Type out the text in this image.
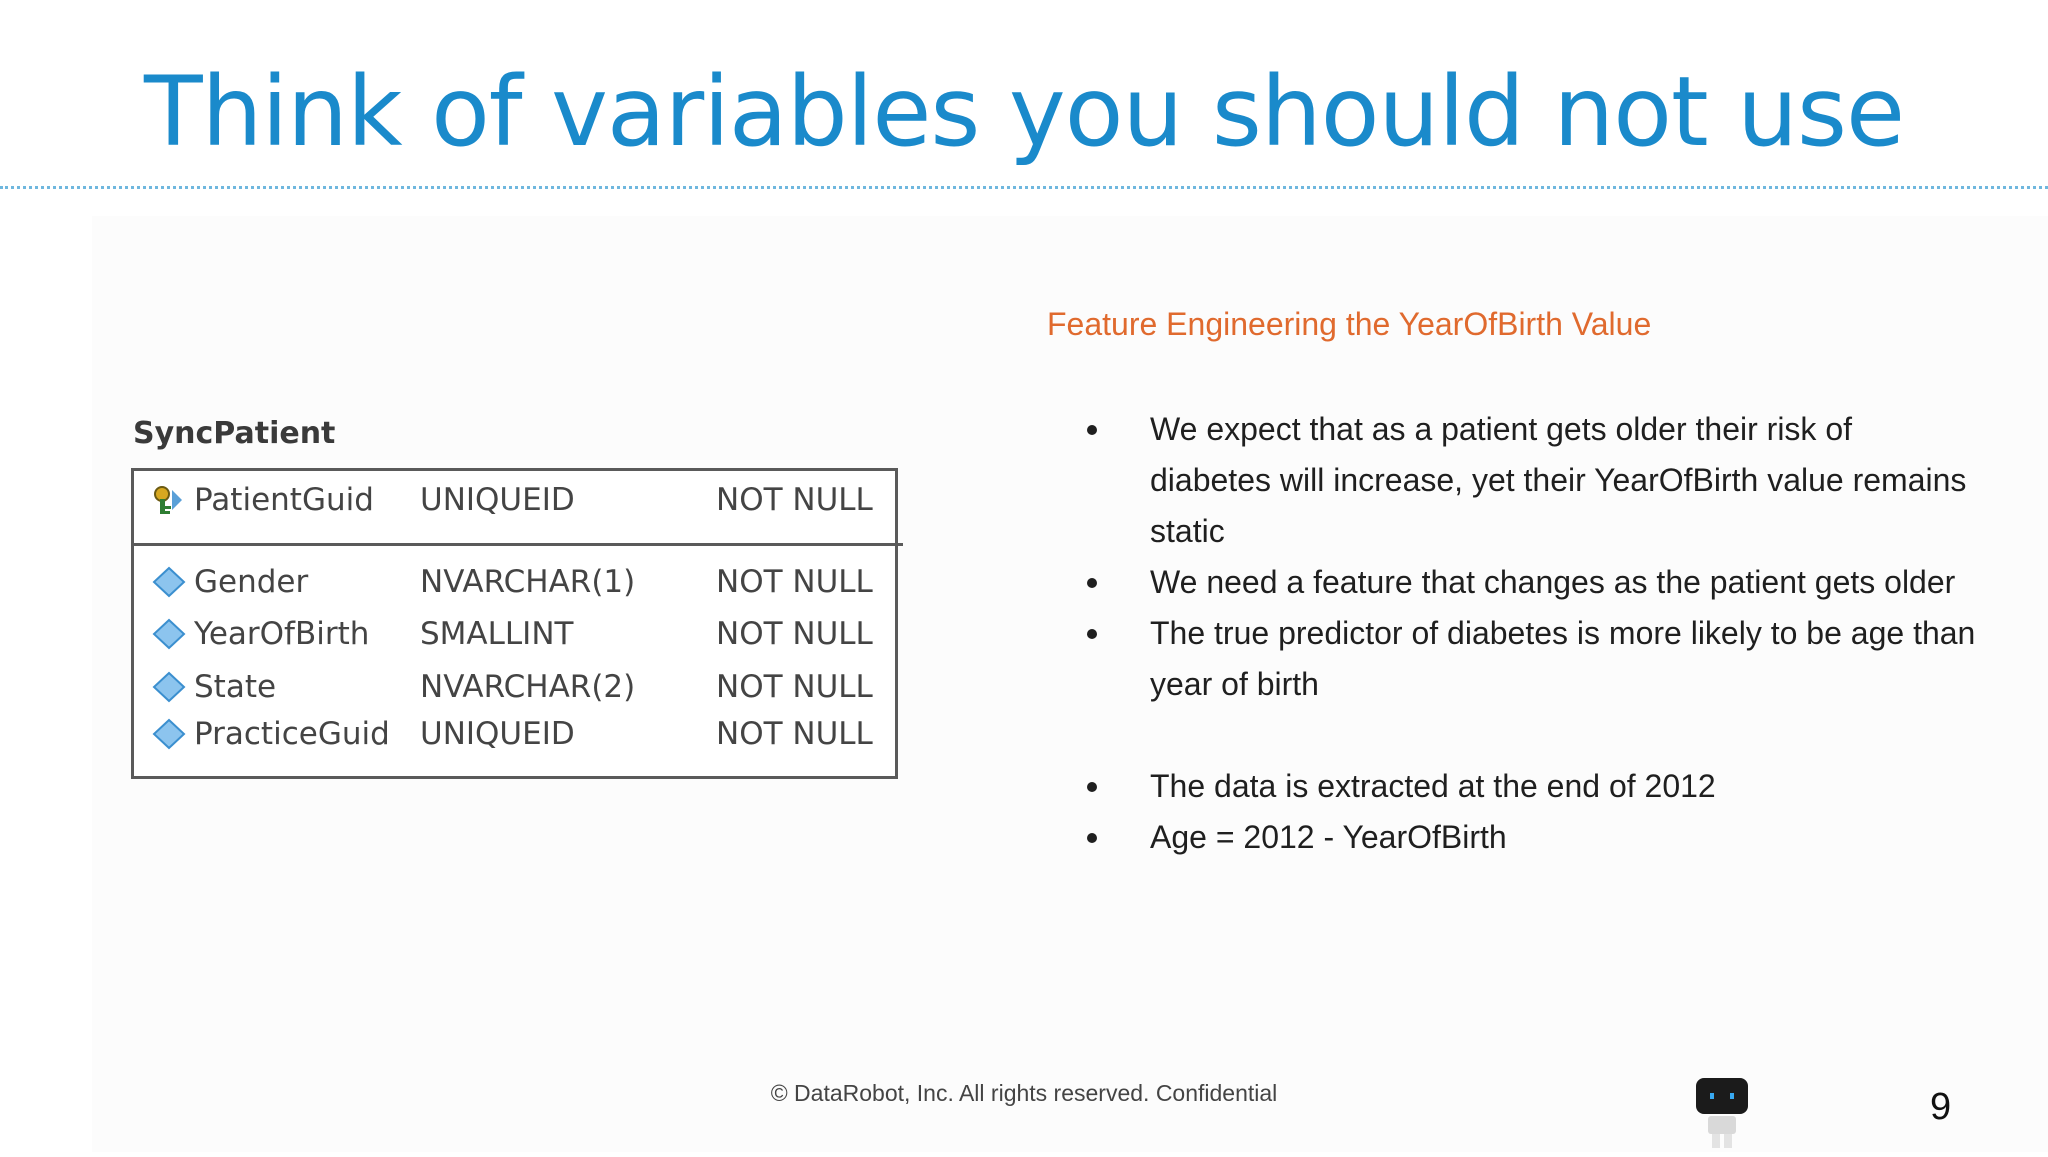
Think of variables you should not use
SyncPatient
PatientGuid UNIQUEID	NOT NULL
Gender	NVARCHAR(1)	NOT NULL
YearOfBirth SMALLINT	NOT NULL
State	NVARCHAR(2)	NOT NULL
PracticeGuid UNIQUEID	NOT NULL
Feature Engineering the YearOfBirth Value
We expect that as a patient gets older their risk of diabetes will increase, yet their YearOfBirth value remains static
We need a feature that changes as the patient gets older
The true predictor of diabetes is more likely to be age than year of birth
The data is extracted at the end of 2012
Age = 2012 - YearOfBirth
© DataRobot, Inc. All rights reserved. Confidential	9
